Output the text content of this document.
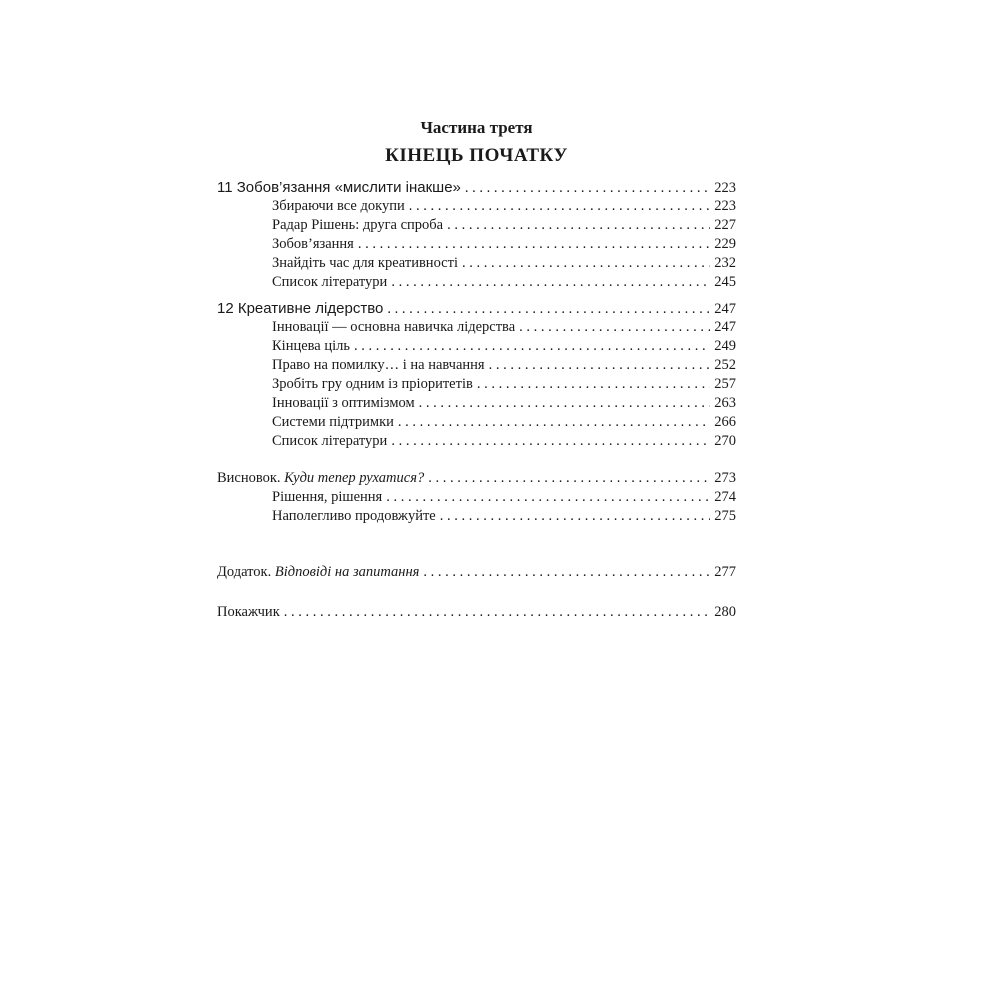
Частина третя
КІНЕЦЬ ПОЧАТКУ
11 Зобов’язання «мислити інакше» . . .	223
Збираючи все докупи . . .	223
Радар Рішень: друга спроба . . .	227
Зобов’язання . . .	229
Знайдіть час для креативності . . .	232
Список літератури . . .	245
12 Креативне лідерство . . .	247
Інновації — основна навичка лідерства . . .	247
Кінцева ціль . . .	249
Право на помилку… і на навчання . . .	252
Зробіть гру одним із пріоритетів . . .	257
Інновації з оптимізмом . . .	263
Системи підтримки . . .	266
Список літератури . . .	270
Висновок. Куди тепер рухатися? . . .	273
Рішення, рішення . . .	274
Наполегливо продовжуйте . . .	275
Додаток. Відповіді на запитання . . .	277
Покажчик . . .	280
